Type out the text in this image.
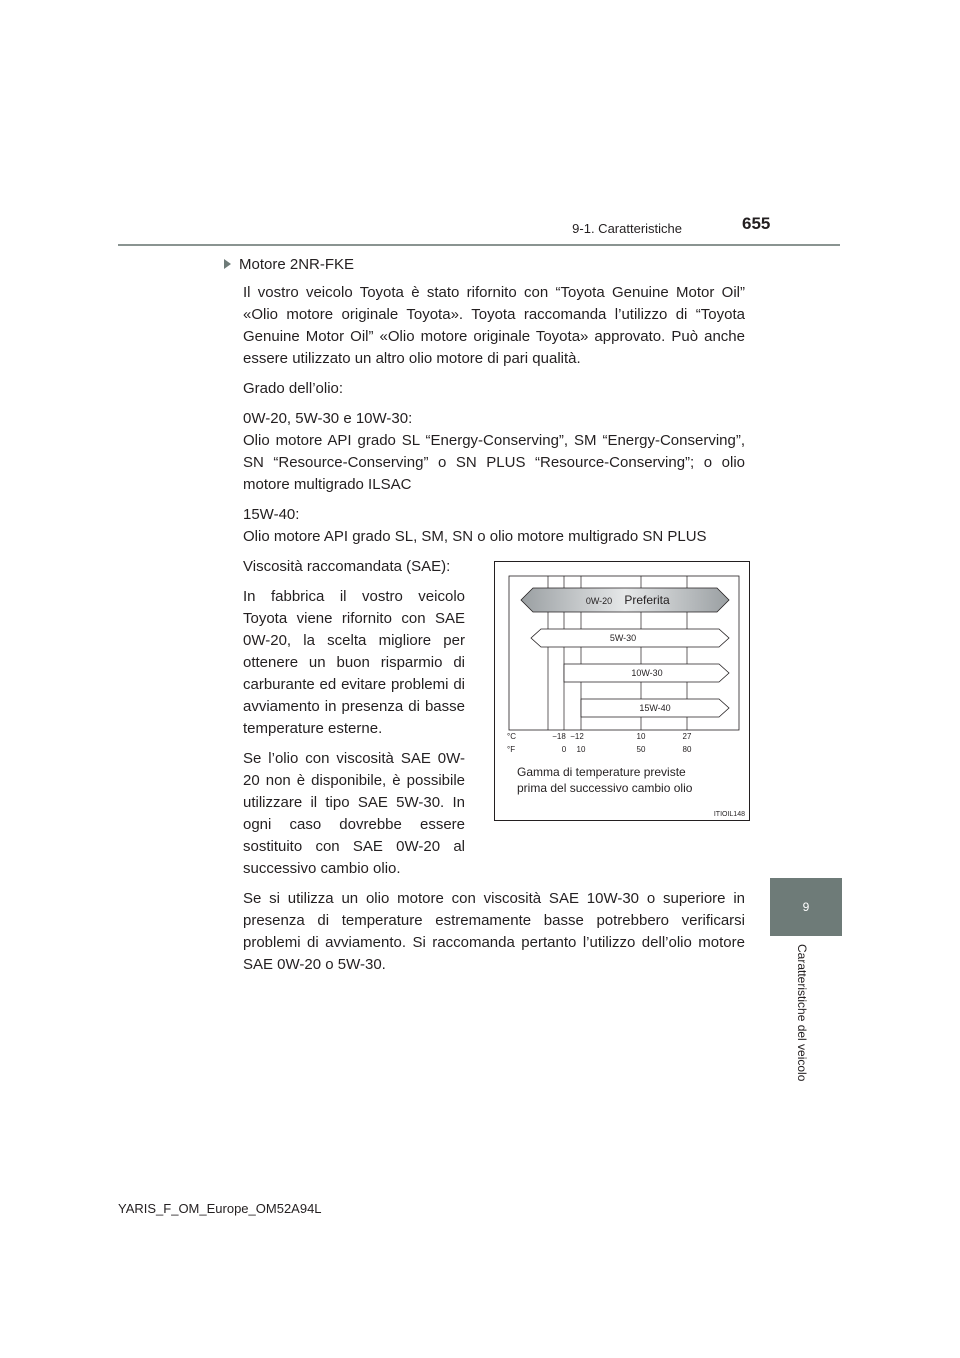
9-1. Caratteristiche	655
9
Caratteristiche del veicolo
Motore 2NR-FKE

Il vostro veicolo Toyota è stato rifornito con “Toyota Genuine Motor Oil” «Olio motore originale Toyota». Toyota raccomanda l’utilizzo di “Toyota Genuine Motor Oil” «Olio motore originale Toyota» approvato. Può anche essere utilizzato un altro olio motore di pari qualità.

Grado dell’olio:

0W-20, 5W-30 e 10W-30:
Olio motore API grado SL “Energy-Conserving”, SM “Energy-Conserving”, SN “Resource-Conserving” o SN PLUS “Resource-Conserving”; o olio motore multigrado ILSAC

15W-40:
Olio motore API grado SL, SM, SN o olio motore multigrado SN PLUS

Viscosità raccomandata (SAE):

In fabbrica il vostro veicolo Toyota viene rifornito con SAE 0W-20, la scelta migliore per ottenere un buon risparmio di carburante ed evitare problemi di avviamento in presenza di basse temperature esterne.

Se l’olio con viscosità SAE 0W-20 non è disponibile, è possibile utilizzare il tipo SAE 5W-30. In ogni caso dovrebbe essere sostituito con SAE 0W-20 al successivo cambio olio.

Se si utilizza un olio motore con viscosità SAE 10W-30 o superiore in presenza di temperature estremamente basse potrebbero verificarsi problemi di avviamento. Si raccomanda pertanto l’utilizzo dell’olio motore SAE 0W-20 o 5W-30.

0W-20 Preferita
5W-30
10W-30
15W-40
°C
°F
−18 −12	10	27
0 10	50	80
Gamma di temperature previste
prima del successivo cambio olio
ITIOIL148
YARIS_F_OM_Europe_OM52A94L
